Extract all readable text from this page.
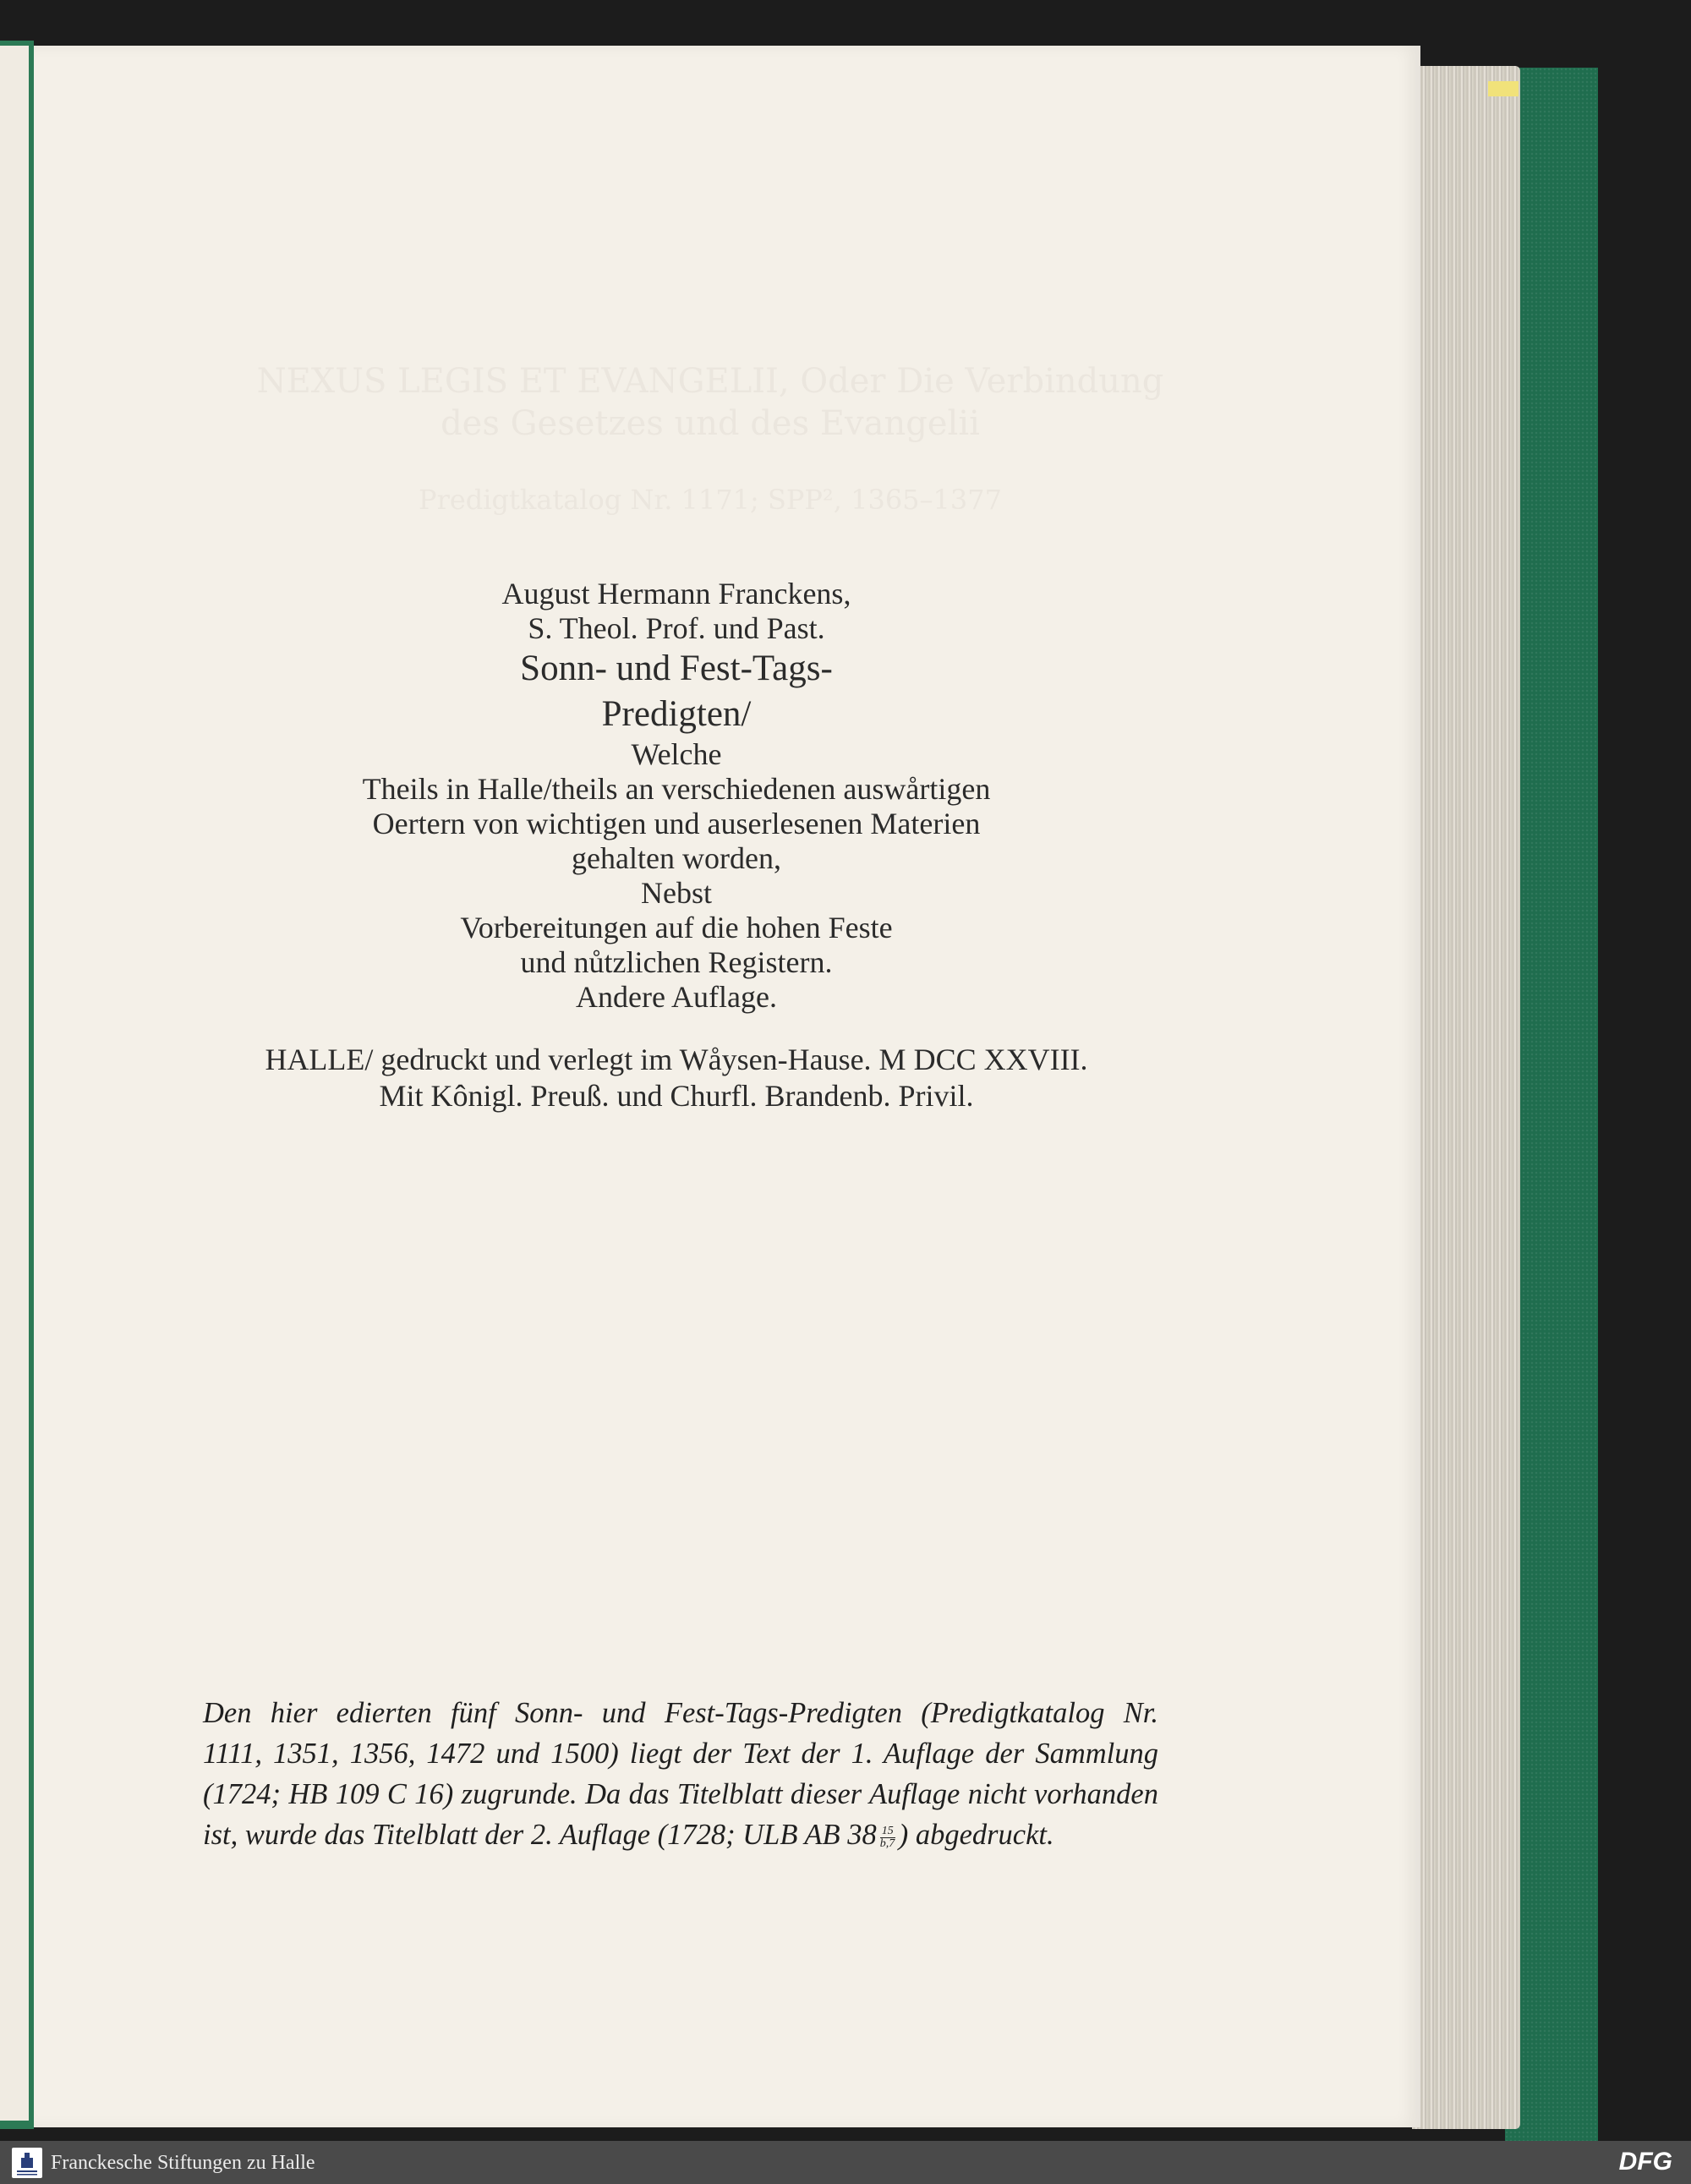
NEXUS LEGIS ET EVANGELII, Oder Die Verbindung
des Gesetzes und des Evangelii
Predigtkatalog Nr. 1171; SPP², 1365–1377
August Hermann Franckens,
S. Theol. Prof. und Past.
Sonn- und Fest-Tags-
Predigten/
Welche
Theils in Halle/theils an verschiedenen auswårtigen
Oertern von wichtigen und auserlesenen Materien
gehalten worden,
Nebst
Vorbereitungen auf die hohen Feste
und nůtzlichen Registern.
Andere Auflage.
HALLE/ gedruckt und verlegt im Wåysen-Hause. M DCC XXVIII.
Mit Kônigl. Preuß. und Churfl. Brandenb. Privil.
Den hier edierten fünf Sonn- und Fest-Tags-Predigten (Predigtkatalog Nr.
1111, 1351, 1356, 1472 und 1500) liegt der Text der 1. Auflage der Sammlung
(1724; HB 109 C 16) zugrunde. Da das Titelblatt dieser Auflage nicht vorhanden
ist, wurde das Titelblatt der 2. Auflage (1728; ULB AB $38 \frac{15}{b,7}$ ) abgedruckt.
Franckesche Stiftungen zu Halle	DFG
